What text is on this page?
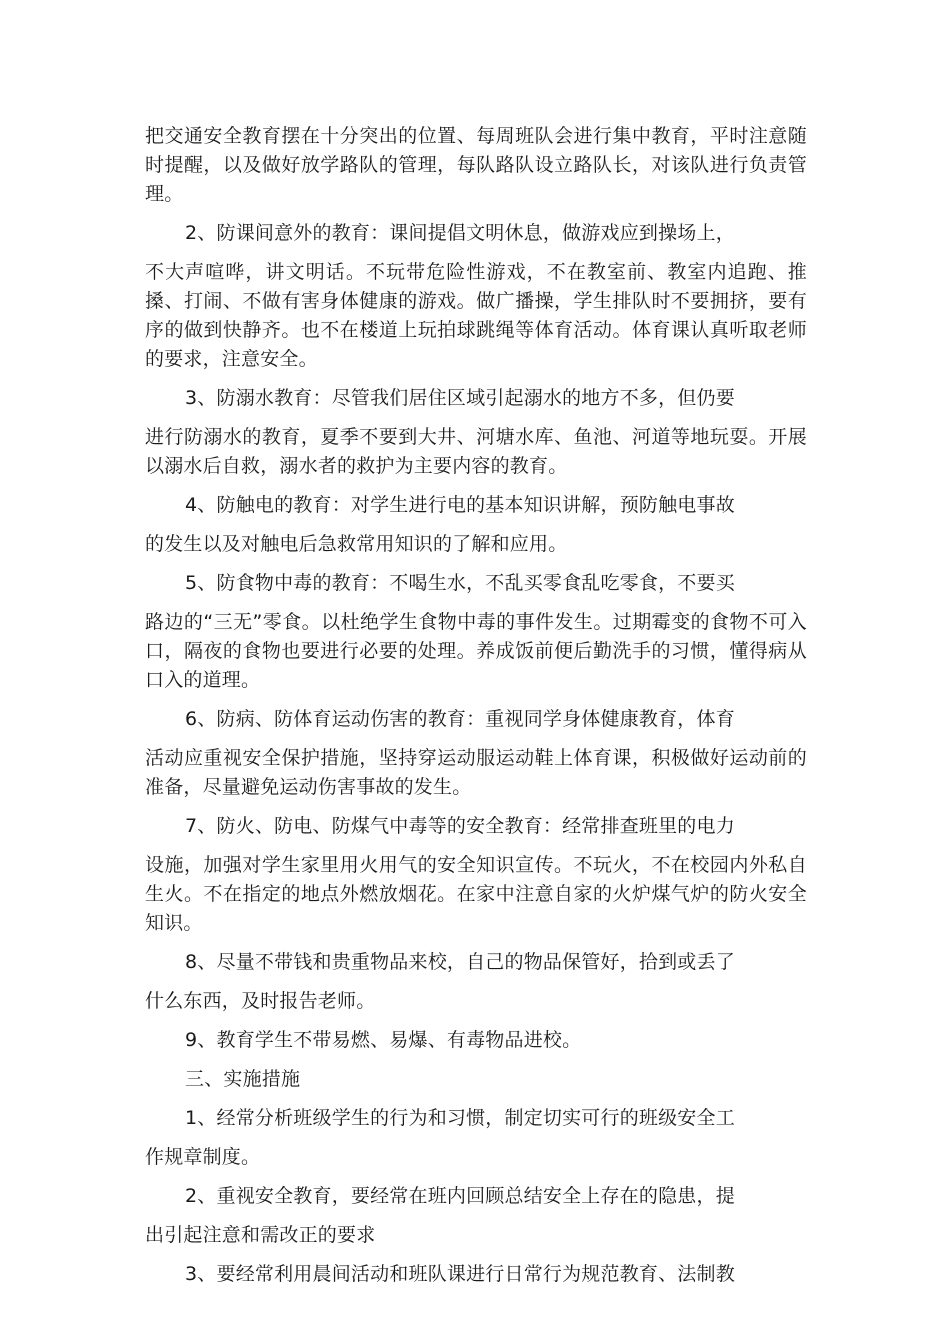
把交通安全教育摆在十分突出的位置、每周班队会进行集中教育，平时注意随时提醒，以及做好放学路队的管理，每队路队设立路队长，对该队进行负责管理。

2、防课间意外的教育：课间提倡文明休息，做游戏应到操场上，

不大声喧哗，讲文明话。不玩带危险性游戏，不在教室前、教室内追跑、推搡、打闹、不做有害身体健康的游戏。做广播操，学生排队时不要拥挤，要有序的做到快静齐。也不在楼道上玩拍球跳绳等体育活动。体育课认真听取老师的要求，注意安全。

3、防溺水教育：尽管我们居住区域引起溺水的地方不多，但仍要

进行防溺水的教育，夏季不要到大井、河塘水库、鱼池、河道等地玩耍。开展以溺水后自救，溺水者的救护为主要内容的教育。

4、防触电的教育：对学生进行电的基本知识讲解，预防触电事故

的发生以及对触电后急救常用知识的了解和应用。

5、防食物中毒的教育：不喝生水，不乱买零食乱吃零食，不要买

路边的“三无”零食。以杜绝学生食物中毒的事件发生。过期霉变的食物不可入口，隔夜的食物也要进行必要的处理。养成饭前便后勤洗手的习惯，懂得病从口入的道理。

6、防病、防体育运动伤害的教育：重视同学身体健康教育，体育

活动应重视安全保护措施，坚持穿运动服运动鞋上体育课，积极做好运动前的准备，尽量避免运动伤害事故的发生。

7、防火、防电、防煤气中毒等的安全教育：经常排查班里的电力

设施，加强对学生家里用火用气的安全知识宣传。不玩火，不在校园内外私自生火。不在指定的地点外燃放烟花。在家中注意自家的火炉煤气炉的防火安全知识。

8、尽量不带钱和贵重物品来校，自己的物品保管好，拾到或丢了

什么东西，及时报告老师。

9、教育学生不带易燃、易爆、有毒物品进校。

三、实施措施

1、经常分析班级学生的行为和习惯，制定切实可行的班级安全工

作规章制度。

2、重视安全教育，要经常在班内回顾总结安全上存在的隐患，提

出引起注意和需改正的要求

3、要经常利用晨间活动和班队课进行日常行为规范教育、法制教
